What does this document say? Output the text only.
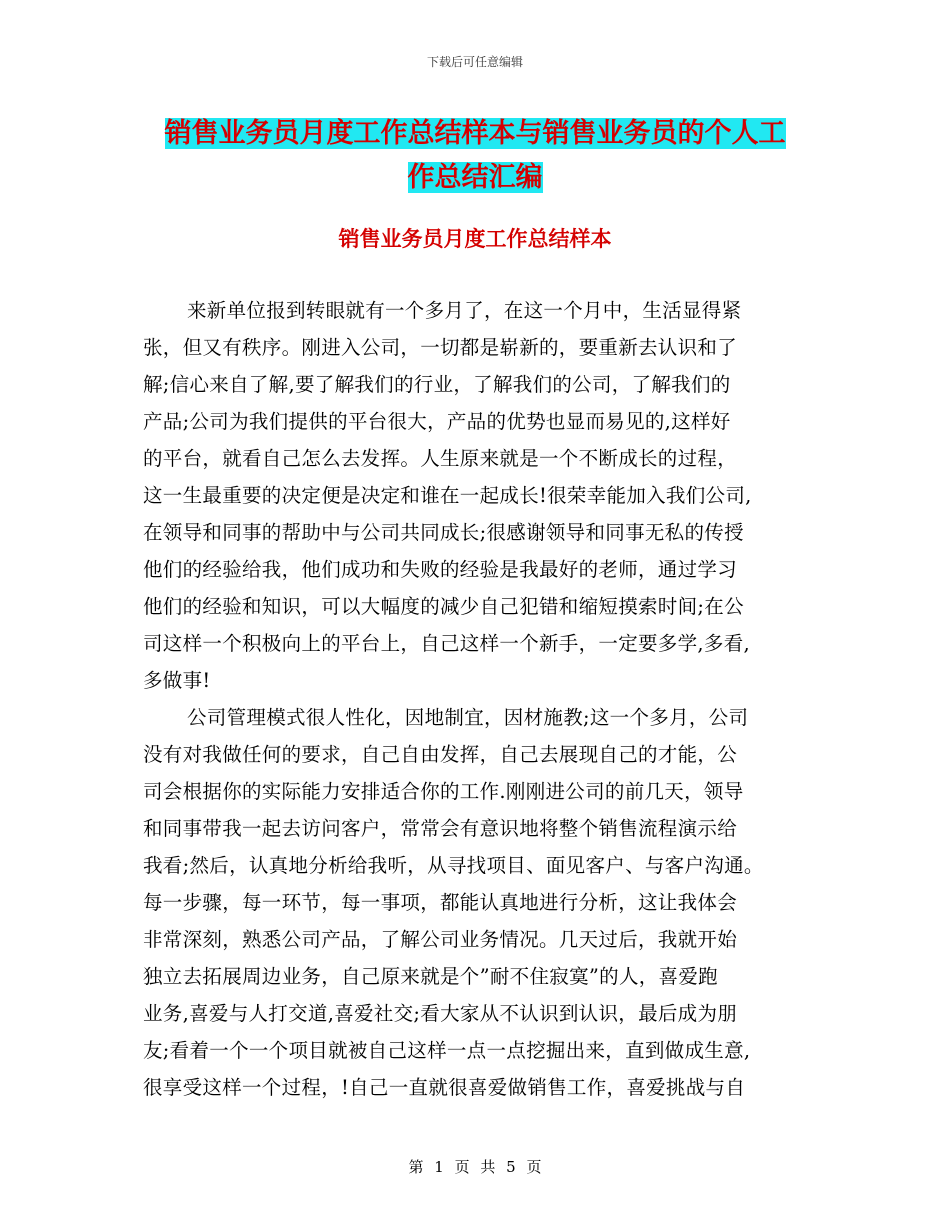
下载后可任意编辑
销售业务员月度工作总结样本与销售业务员的个人工
作总结汇编
销售业务员月度工作总结样本
来新单位报到转眼就有一个多月了，在这一个月中，生活显得紧
张，但又有秩序。刚进入公司，一切都是崭新的，要重新去认识和了
解;信心来自了解,要了解我们的行业，了解我们的公司，了解我们的
产品;公司为我们提供的平台很大，产品的优势也显而易见的,这样好
的平台，就看自己怎么去发挥。人生原来就是一个不断成长的过程，
这一生最重要的决定便是决定和谁在一起成长!很荣幸能加入我们公司,
在领导和同事的帮助中与公司共同成长;很感谢领导和同事无私的传授
他们的经验给我，他们成功和失败的经验是我最好的老师，通过学习
他们的经验和知识，可以大幅度的减少自己犯错和缩短摸索时间;在公
司这样一个积极向上的平台上，自己这样一个新手，一定要多学,多看,
多做事!
公司管理模式很人性化，因地制宜，因材施教;这一个多月，公司
没有对我做任何的要求，自己自由发挥，自己去展现自己的才能，公
司会根据你的实际能力安排适合你的工作.刚刚进公司的前几天，领导
和同事带我一起去访问客户，常常会有意识地将整个销售流程演示给
我看;然后，认真地分析给我听，从寻找项目、面见客户、与客户沟通。
每一步骤，每一环节，每一事项，都能认真地进行分析，这让我体会
非常深刻，熟悉公司产品，了解公司业务情况。几天过后，我就开始
独立去拓展周边业务，自己原来就是个”耐不住寂寞”的人，喜爱跑
业务,喜爱与人打交道,喜爱社交;看大家从不认识到认识，最后成为朋
友;看着一个一个项目就被自己这样一点一点挖掘出来，直到做成生意,
很享受这样一个过程，!自己一直就很喜爱做销售工作，喜爱挑战与自
第 1 页 共 5 页
